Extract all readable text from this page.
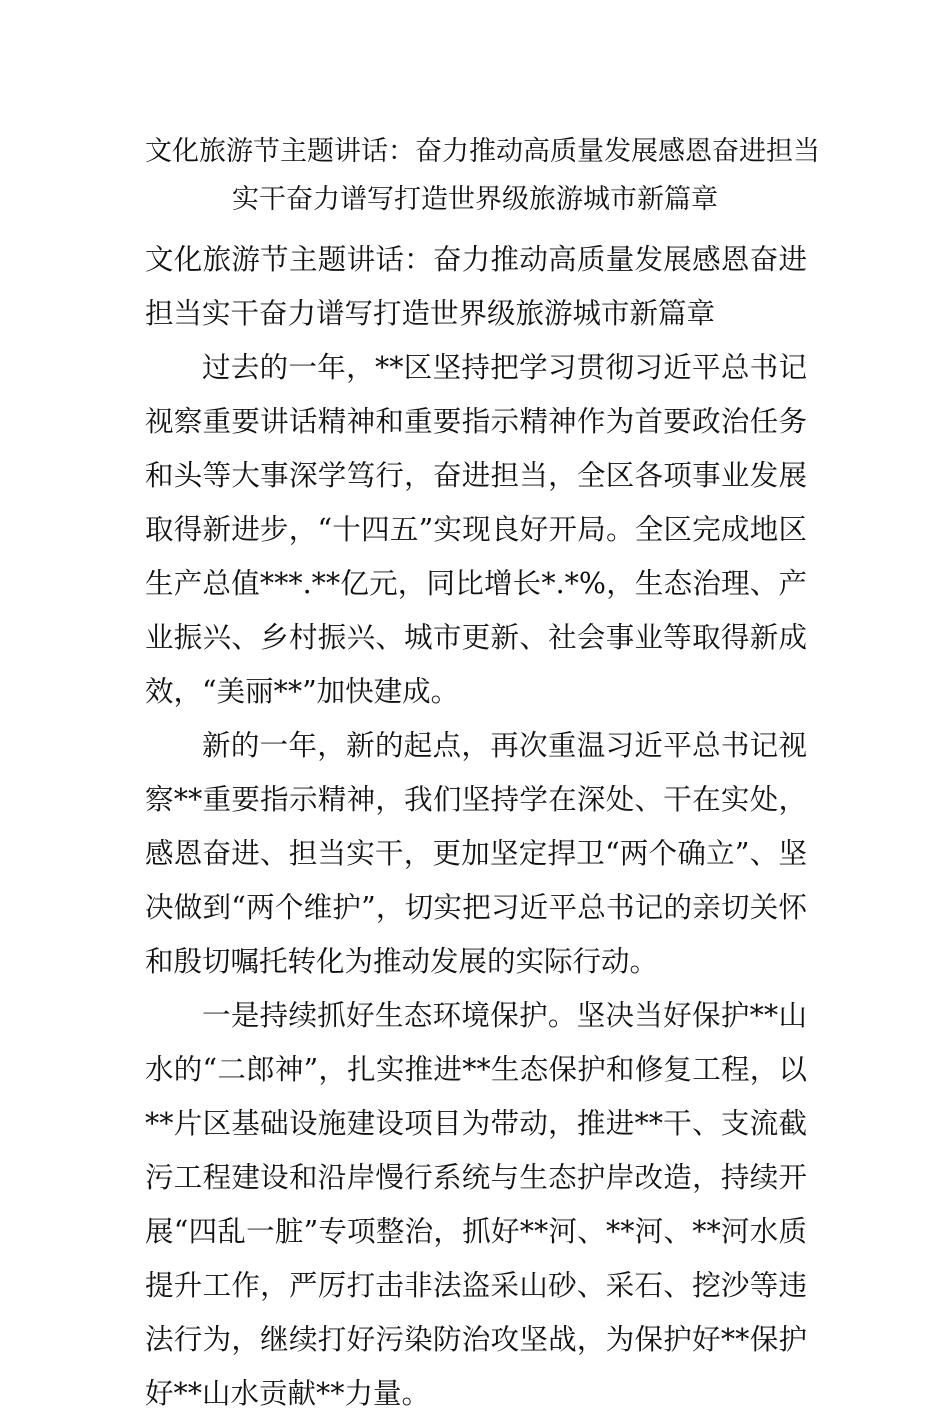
文化旅游节主题讲话：奋力推动高质量发展感恩奋进担当
实干奋力谱写打造世界级旅游城市新篇章

文化旅游节主题讲话：奋力推动高质量发展感恩奋进担当实干奋力谱写打造世界级旅游城市新篇章

过去的一年，**区坚持把学习贯彻习近平总书记视察重要讲话精神和重要指示精神作为首要政治任务和头等大事深学笃行，奋进担当，全区各项事业发展取得新进步，“十四五”实现良好开局。全区完成地区生产总值***.**亿元，同比增长*.*%，生态治理、产业振兴、乡村振兴、城市更新、社会事业等取得新成效，“美丽**”加快建成。

新的一年，新的起点，再次重温习近平总书记视察**重要指示精神，我们坚持学在深处、干在实处，感恩奋进、担当实干，更加坚定捍卫“两个确立”、坚决做到“两个维护”，切实把习近平总书记的亲切关怀和殷切嘱托转化为推动发展的实际行动。

一是持续抓好生态环境保护。坚决当好保护**山水的“二郎神”，扎实推进**生态保护和修复工程，以**片区基础设施建设项目为带动，推进**干、支流截污工程建设和沿岸慢行系统与生态护岸改造，持续开展“四乱一脏”专项整治，抓好**河、**河、**河水质提升工作，严厉打击非法盗采山砂、采石、挖沙等违法行为，继续打好污染防治攻坚战，为保护好**保护好**山水贡献**力量。
